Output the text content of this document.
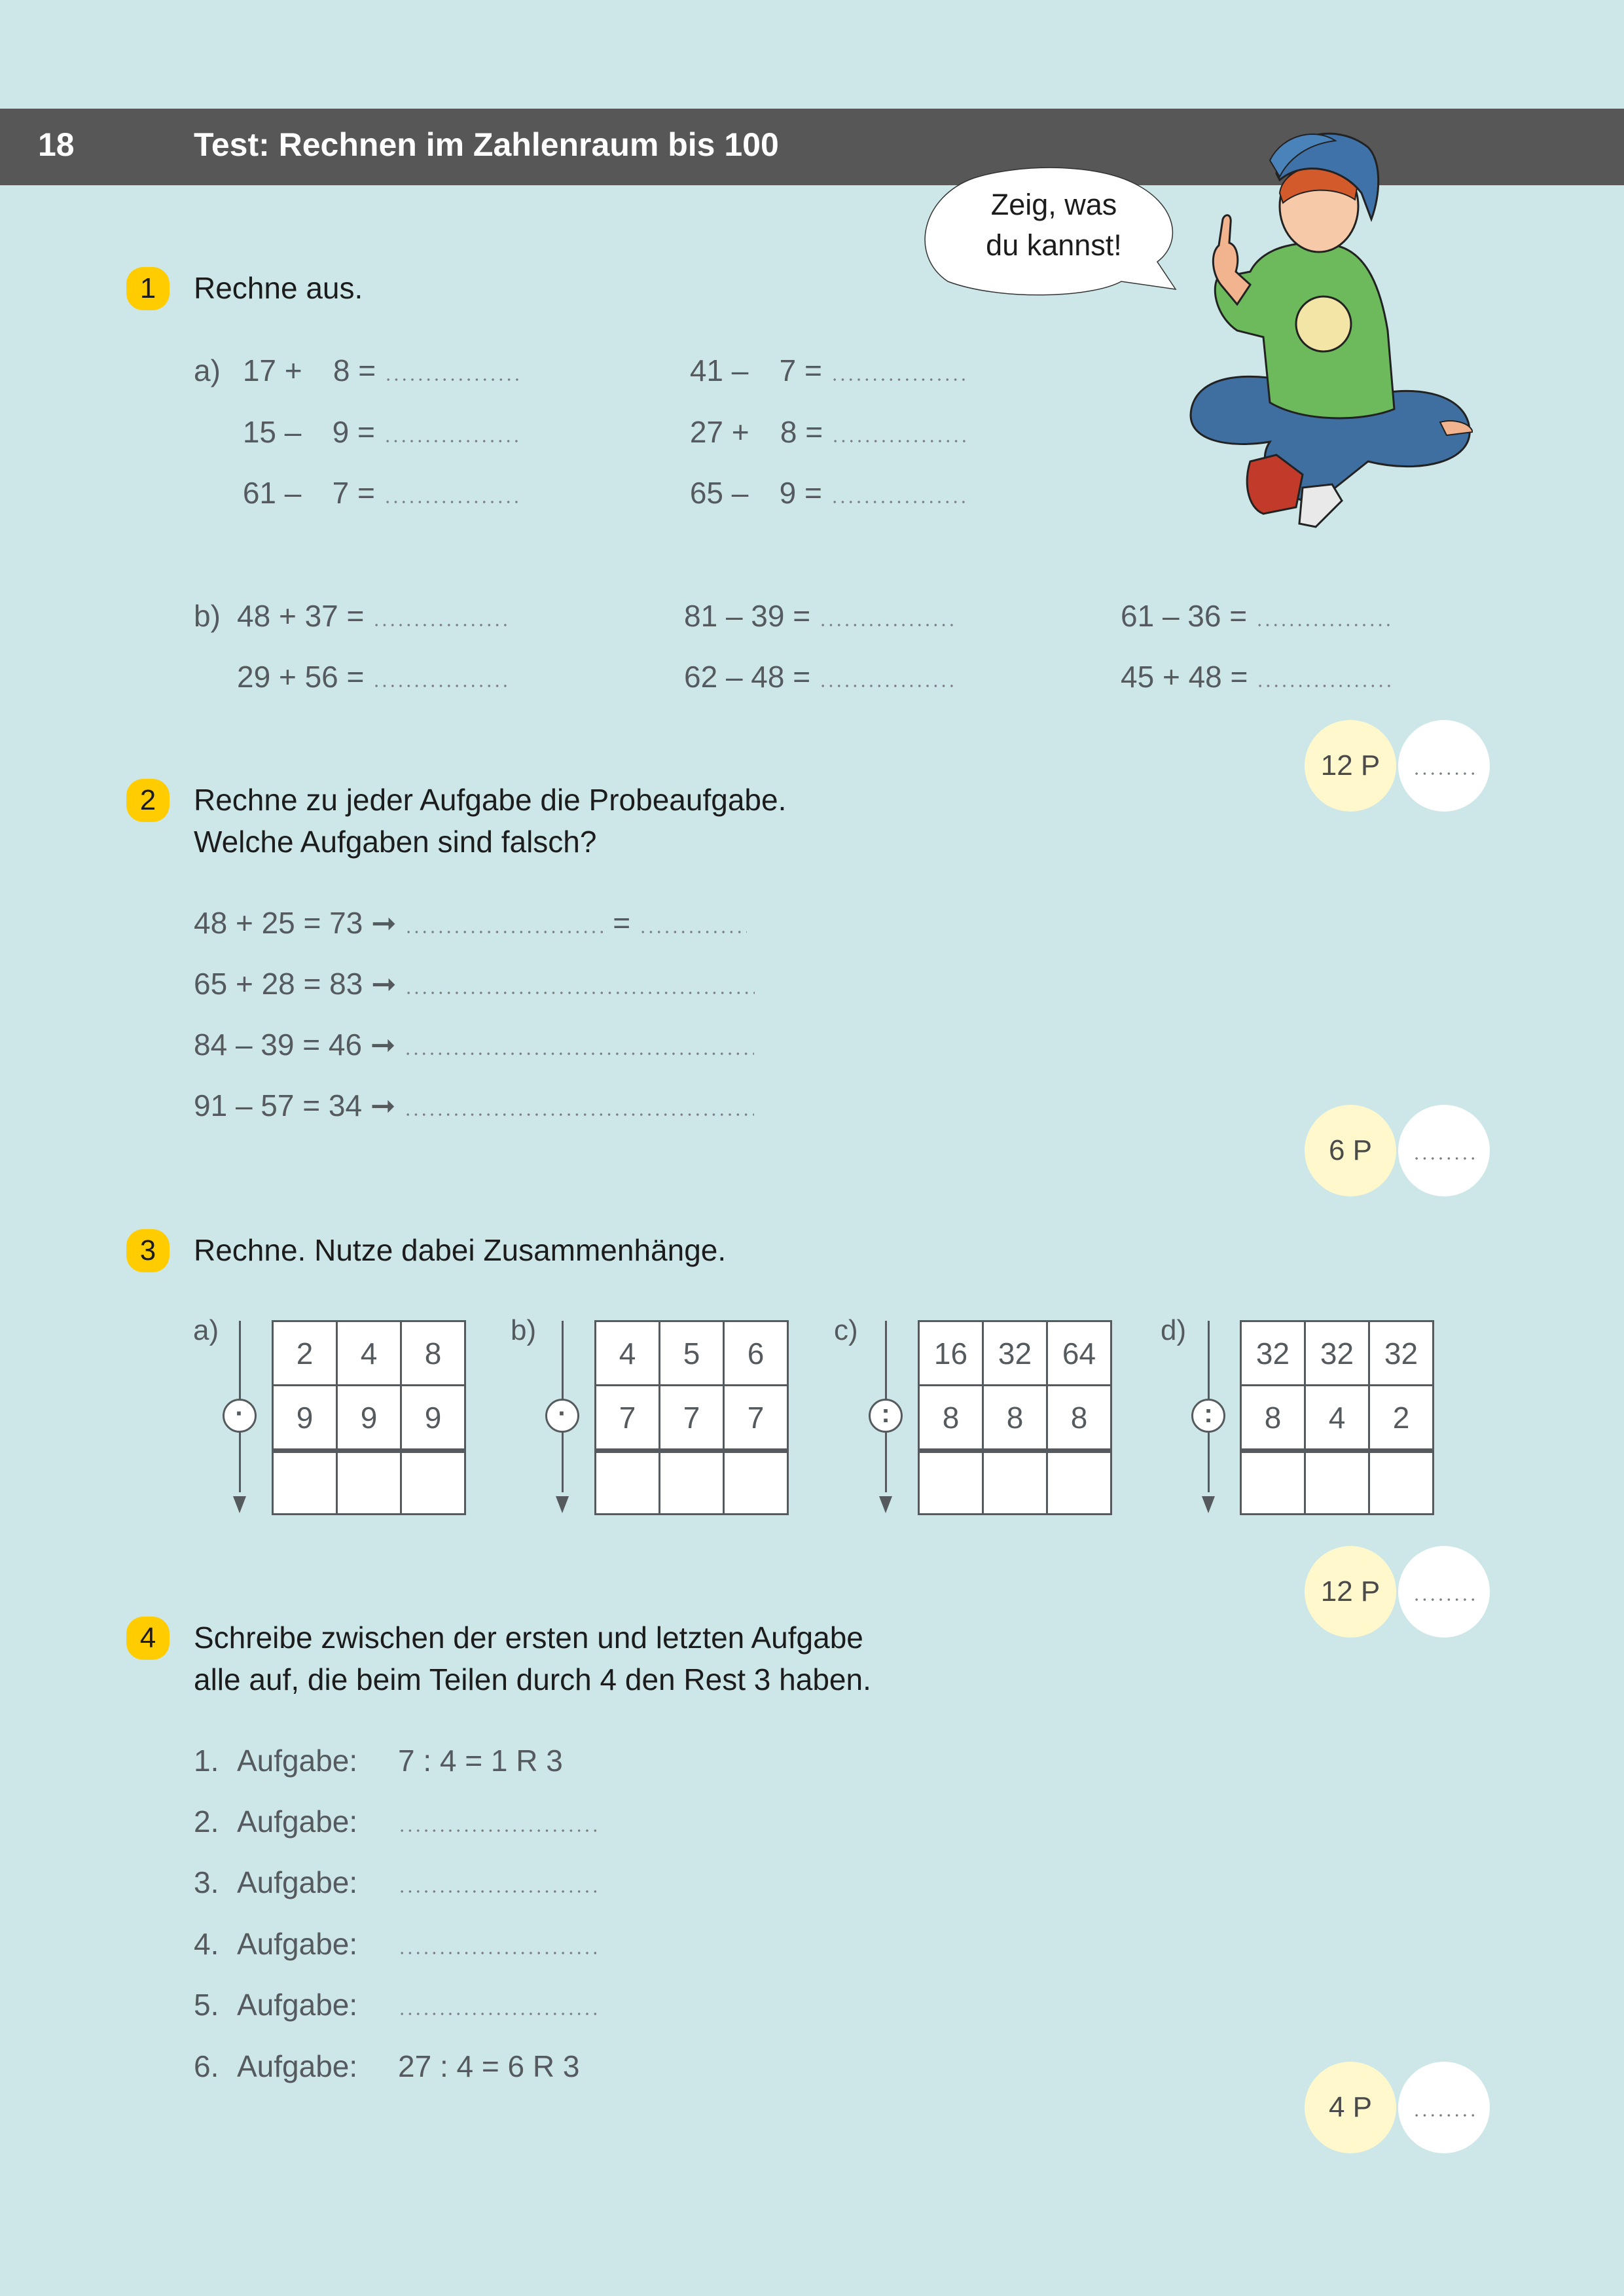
18	Test: Rechnen im Zahlenraum bis 100
Zeig, was
du kannst!
1	Rechne aus.
a) 17 + 8 =
15 – 9 =
61 – 7 =
41 – 7 =
27 + 8 =
65 – 9 =
b) 48 + 37 =
29 + 56 =
81 – 39 =
62 – 48 =
61 – 36 =
45 + 48 =
12 P
2	Rechne zu jeder Aufgabe die Probeaufgabe.
Welche Aufgaben sind falsch?
48 + 25 = 73 ➞	=
65 + 28 = 83 ➞
84 – 39 = 46 ➞
91 – 57 = 34 ➞
6 P
3	Rechne. Nutze dabei Zusammenhänge.
a)
·
2	4	8
9	9	9

b)
·
4	5	6
7	7	7

c)
:
16	32	64
8	8	8

d)
:
32	32	32
8	4	2

12 P
4	Schreibe zwischen der ersten und letzten Aufgabe
alle auf, die beim Teilen durch 4 den Rest 3 haben.
1. Aufgabe: 7 : 4 = 1 R 3
2. Aufgabe:
3. Aufgabe:
4. Aufgabe:
5. Aufgabe:
6. Aufgabe: 27 : 4 = 6 R 3
4 P
